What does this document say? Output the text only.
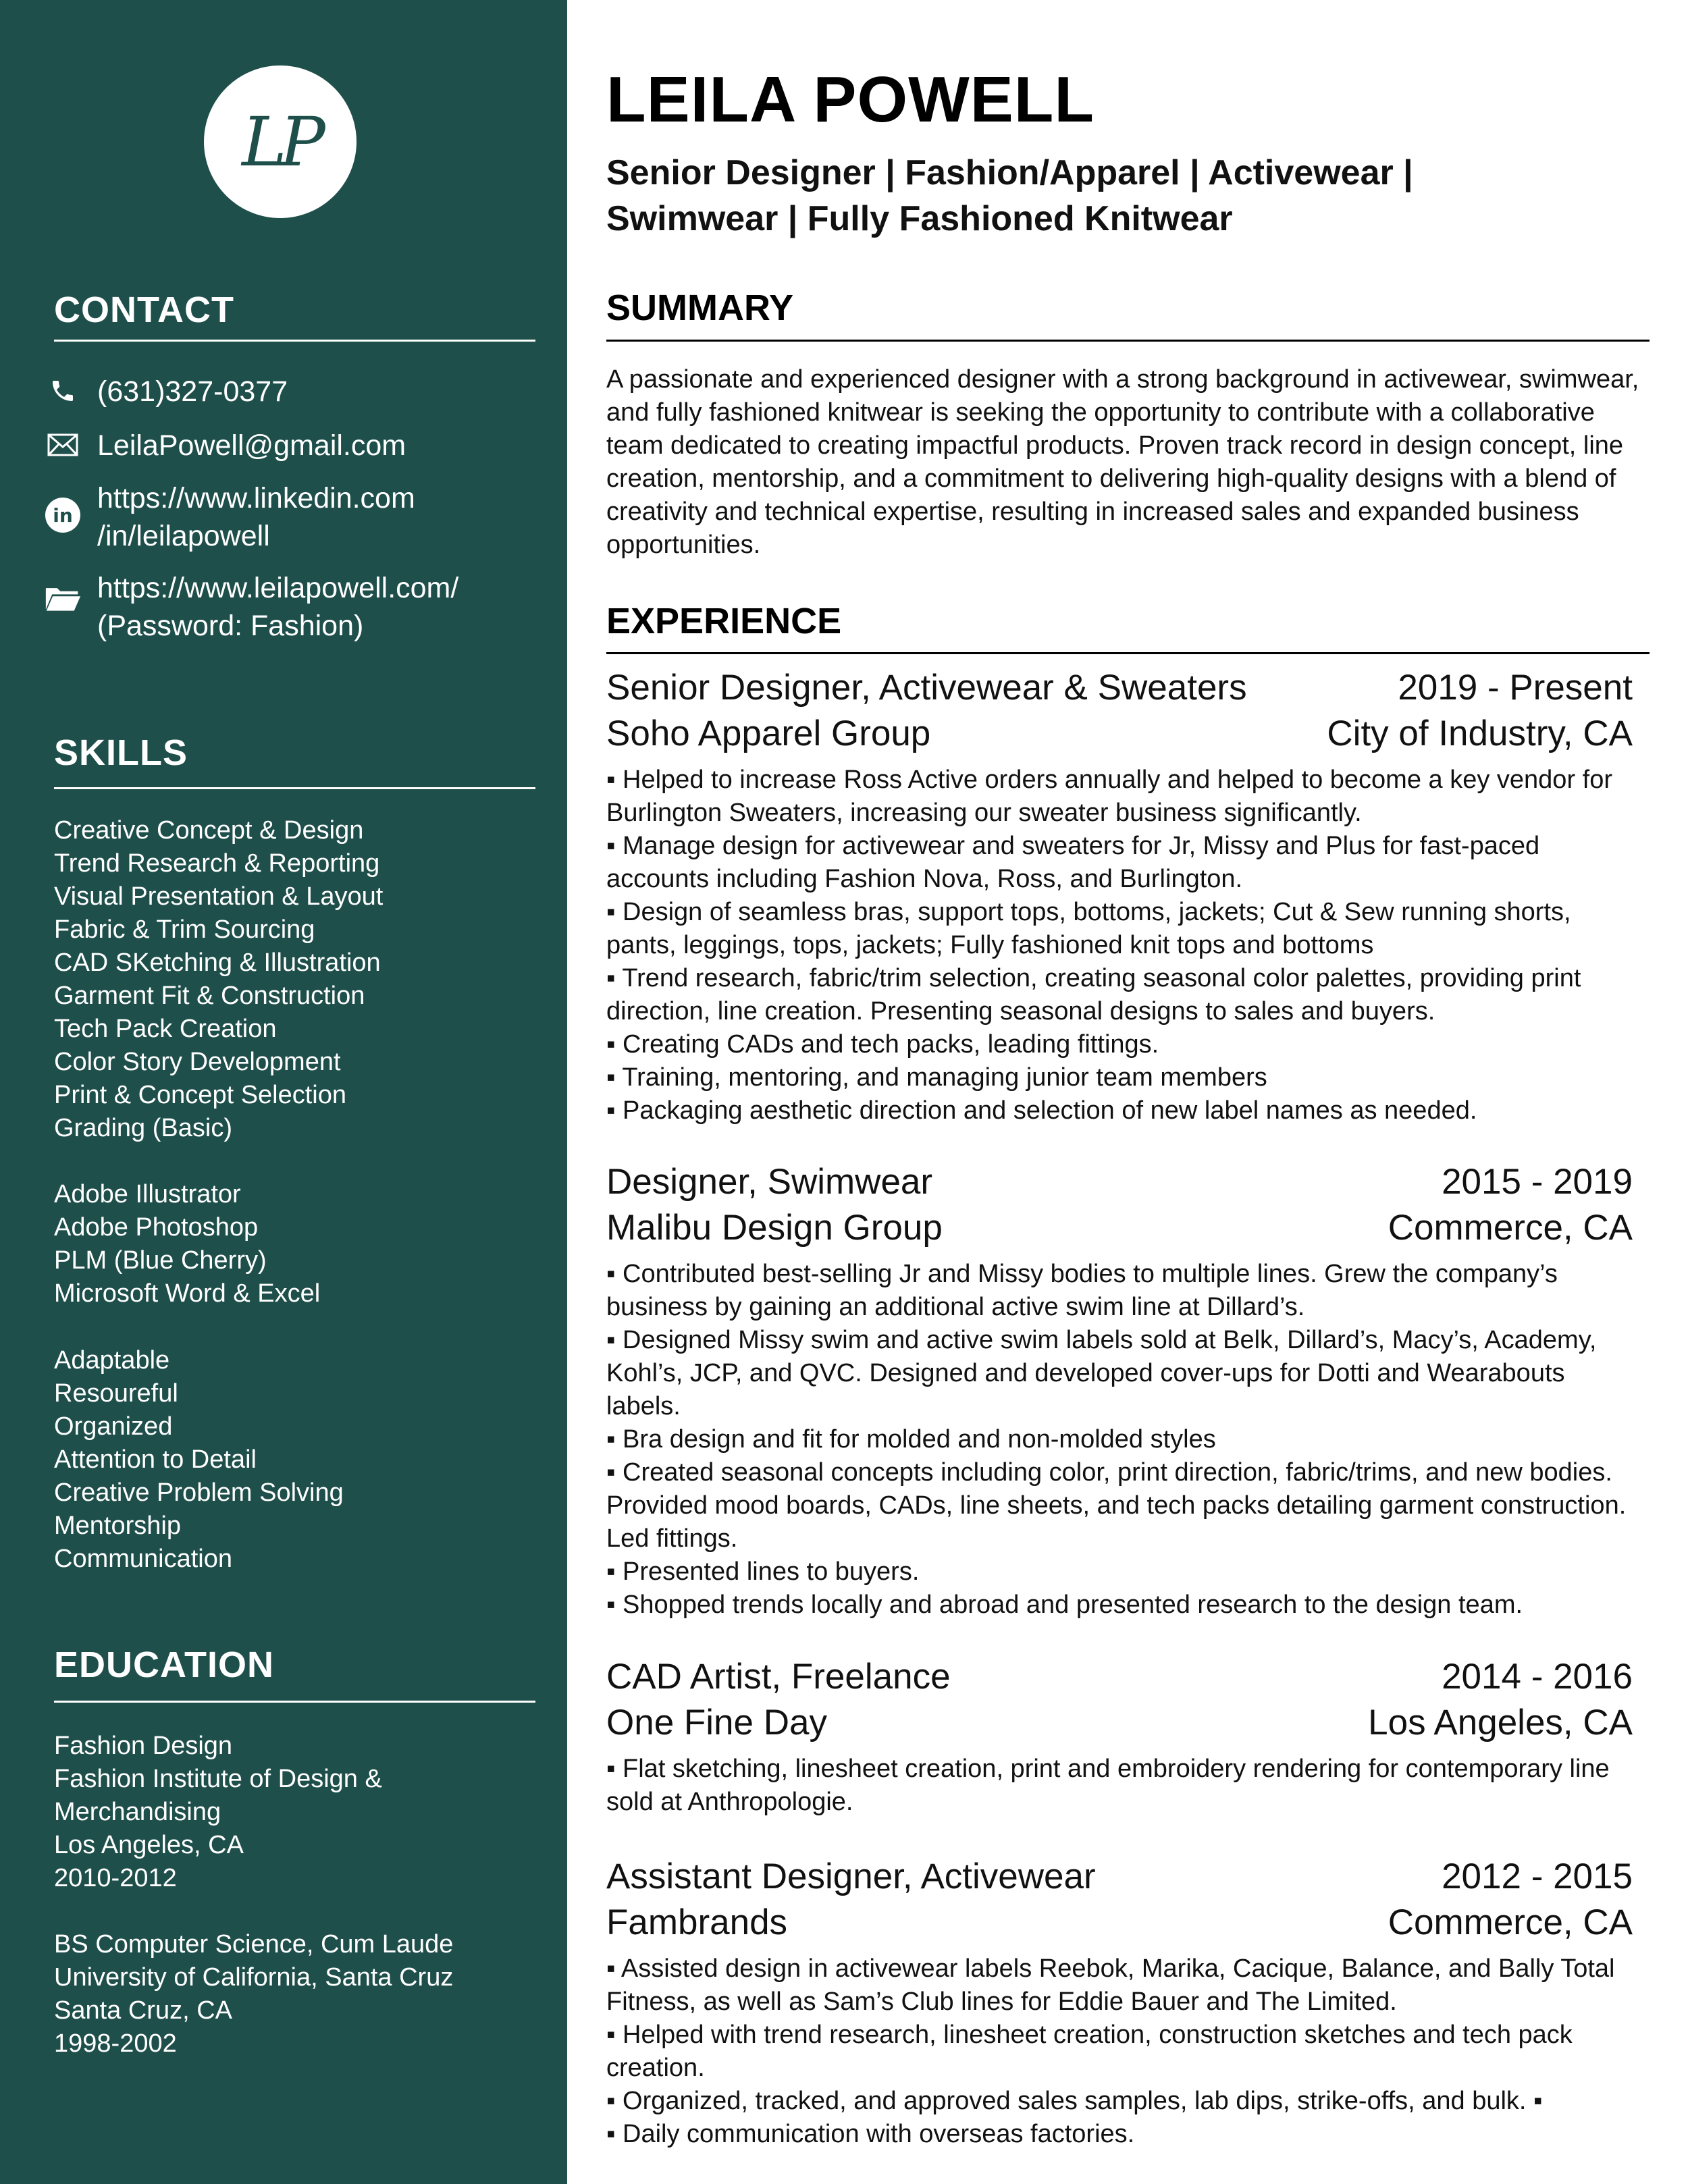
LP
CONTACT
(631)327-0377
LeilaPowell@gmail.com
in
https://www.linkedin.com
/in/leilapowell
https://www.leilapowell.com/
(Password: Fashion)
SKILLS
Creative Concept & Design
Trend Research & Reporting
Visual Presentation & Layout
Fabric & Trim Sourcing
CAD SKetching & Illustration
Garment Fit & Construction
Tech Pack Creation
Color Story Development
Print & Concept Selection
Grading (Basic)
Adobe Illustrator
Adobe Photoshop
PLM (Blue Cherry)
Microsoft Word & Excel
Adaptable
Resoureful
Organized
Attention to Detail
Creative Problem Solving
Mentorship
Communication
EDUCATION
Fashion Design
Fashion Institute of Design &
Merchandising
Los Angeles, CA
2010-2012
BS Computer Science, Cum Laude
University of California, Santa Cruz
Santa Cruz, CA
1998-2002
LEILA POWELL
Senior Designer | Fashion/Apparel | Activewear |
Swimwear | Fully Fashioned Knitwear
SUMMARY
A passionate and experienced designer with a strong background in activewear, swimwear, and fully fashioned knitwear is seeking the opportunity to contribute with a collaborative team dedicated to creating impactful products. Proven track record in design concept, line creation, mentorship, and a commitment to delivering high-quality designs with a blend of creativity and technical expertise, resulting in increased sales and expanded business opportunities.
EXPERIENCE
Senior Designer, Activewear & Sweaters	2019 - Present
Soho Apparel Group	City of Industry, CA
▪ Helped to increase Ross Active orders annually and helped to become a key vendor for Burlington Sweaters, increasing our sweater business significantly.
▪ Manage design for activewear and sweaters for Jr, Missy and Plus for fast-paced accounts including Fashion Nova, Ross, and Burlington.
▪ Design of seamless bras, support tops, bottoms, jackets; Cut & Sew running shorts, pants, leggings, tops, jackets; Fully fashioned knit tops and bottoms
▪ Trend research, fabric/trim selection, creating seasonal color palettes, providing print direction, line creation. Presenting seasonal designs to sales and buyers.
▪ Creating CADs and tech packs, leading fittings.
▪ Training, mentoring, and managing junior team members
▪ Packaging aesthetic direction and selection of new label names as needed.
Designer, Swimwear	2015 - 2019
Malibu Design Group	Commerce, CA
▪ Contributed best-selling Jr and Missy bodies to multiple lines. Grew the company’s business by gaining an additional active swim line at Dillard’s.
▪ Designed Missy swim and active swim labels sold at Belk, Dillard’s, Macy’s, Academy, Kohl’s, JCP, and QVC. Designed and developed cover-ups for Dotti and Wearabouts labels.
▪ Bra design and fit for molded and non-molded styles
▪ Created seasonal concepts including color, print direction, fabric/trims, and new bodies. Provided mood boards, CADs, line sheets, and tech packs detailing garment construction. Led fittings.
▪ Presented lines to buyers.
▪ Shopped trends locally and abroad and presented research to the design team.
CAD Artist, Freelance	2014 - 2016
One Fine Day	Los Angeles, CA
▪ Flat sketching, linesheet creation, print and embroidery rendering for contemporary line sold at Anthropologie.
Assistant Designer, Activewear	2012 - 2015
Fambrands	Commerce, CA
▪ Assisted design in activewear labels Reebok, Marika, Cacique, Balance, and Bally Total Fitness, as well as Sam’s Club lines for Eddie Bauer and The Limited.
▪ Helped with trend research, linesheet creation, construction sketches and tech pack creation.
▪ Organized, tracked, and approved sales samples, lab dips, strike-offs, and bulk. ▪
▪ Daily communication with overseas factories.
